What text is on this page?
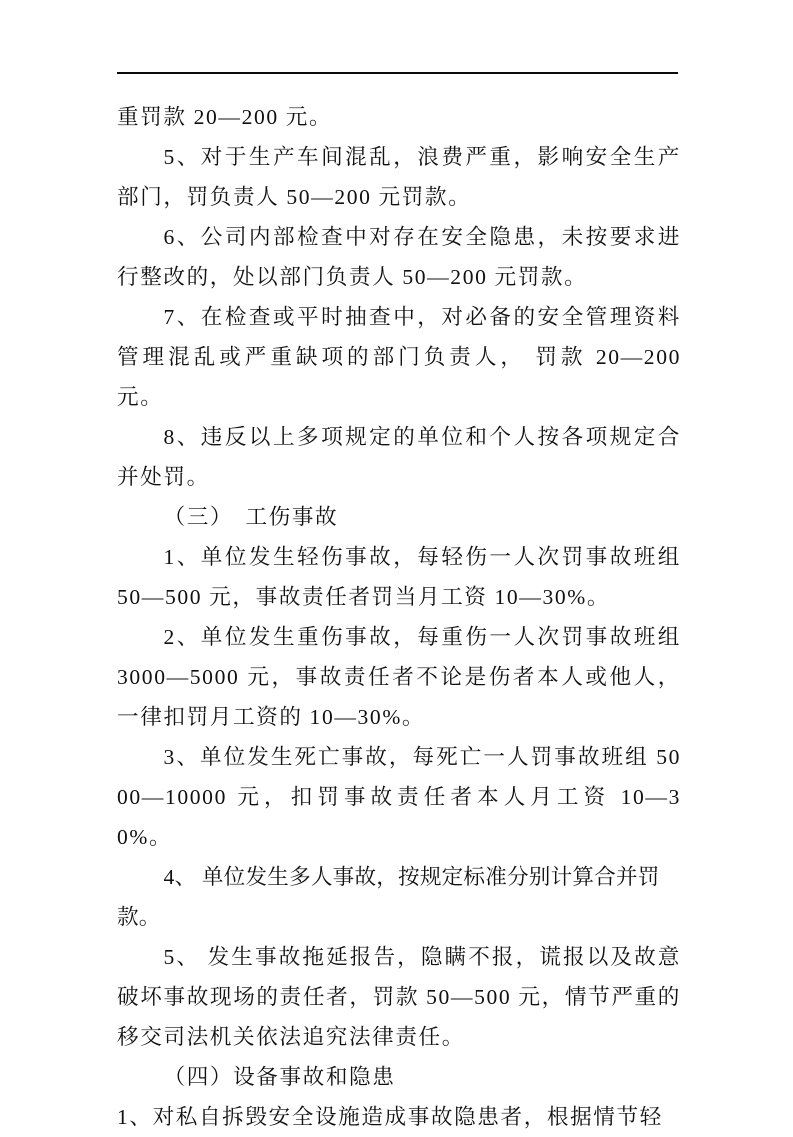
重罚款 20—200 元。

5、对于生产车间混乱，浪费严重，影响安全生产部门，罚负责人 50—200 元罚款。

6、公司内部检查中对存在安全隐患，未按要求进行整改的，处以部门负责人 50—200 元罚款。

7、在检查或平时抽查中，对必备的安全管理资料管理混乱或严重缺项的部门负责人， 罚款 20—200 元。

8、违反以上多项规定的单位和个人按各项规定合并处罚。

（三）　工伤事故

1、单位发生轻伤事故，每轻伤一人次罚事故班组 50—500 元，事故责任者罚当月工资 10—30%。

2、单位发生重伤事故，每重伤一人次罚事故班组 3000—5000 元，事故责任者不论是伤者本人或他人，一律扣罚月工资的 10—30%。

3、单位发生死亡事故，每死亡一人罚事故班组 5000—10000 元，扣罚事故责任者本人月工资 10—30%。

4、 单位发生多人事故，按规定标准分别计算合并罚款。

5、 发生事故拖延报告，隐瞒不报，谎报以及故意破坏事故现场的责任者，罚款 50—500 元，情节严重的移交司法机关依法追究法律责任。

（四）设备事故和隐患

1、对私自拆毁安全设施造成事故隐患者，根据情节轻
